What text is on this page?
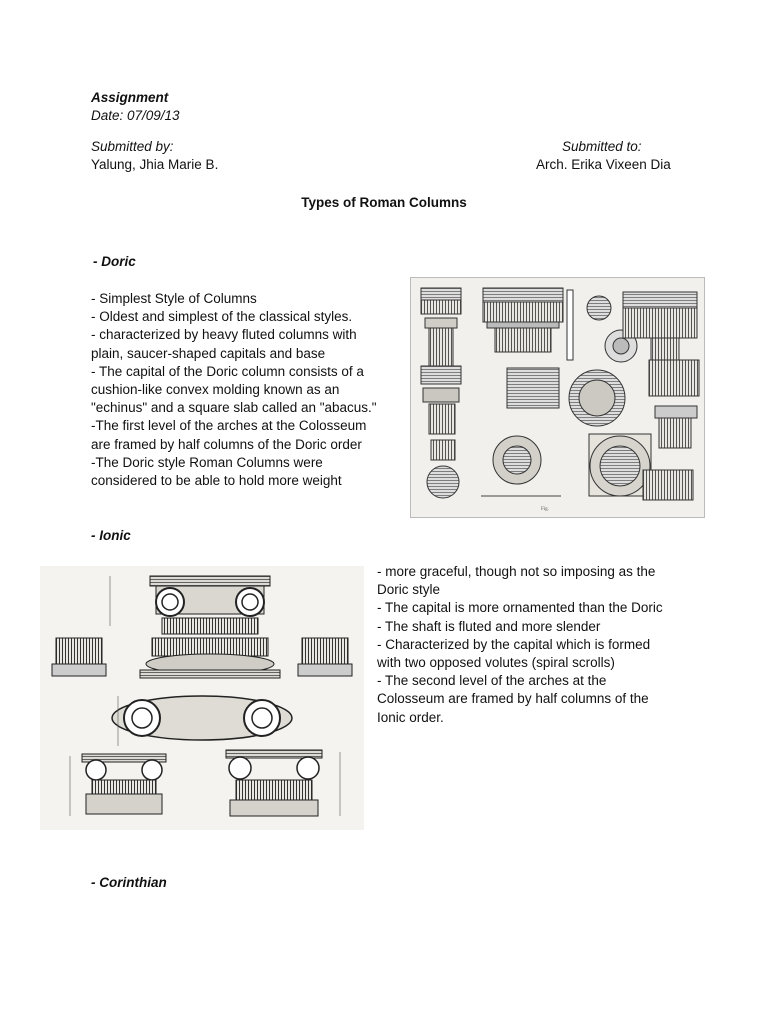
Assignment
Date: 07/09/13
Submitted by:
Yalung, Jhia Marie B.
Submitted to:
Arch. Erika Vixeen Dia
Types of Roman Columns
- Doric
- Simplest Style of Columns
- Oldest and simplest of the classical styles.
- characterized by heavy fluted columns with
plain, saucer-shaped capitals and base
- The capital of the Doric column consists of a
cushion-like convex molding known as an
"echinus" and a square slab called an "abacus."
-The first level of the arches at the Colosseum
are framed by half columns of the Doric order
-The Doric style Roman Columns were
considered to be able to hold more weight
Fig.
- Ionic
- more graceful, though not so imposing as the
Doric style
- The capital is more ornamented than the Doric
- The shaft is fluted and more slender
- Characterized by the capital which is formed
with two opposed volutes (spiral scrolls)
- The second level of the arches at the
Colosseum are framed by half columns of the
Ionic order.
- Corinthian
